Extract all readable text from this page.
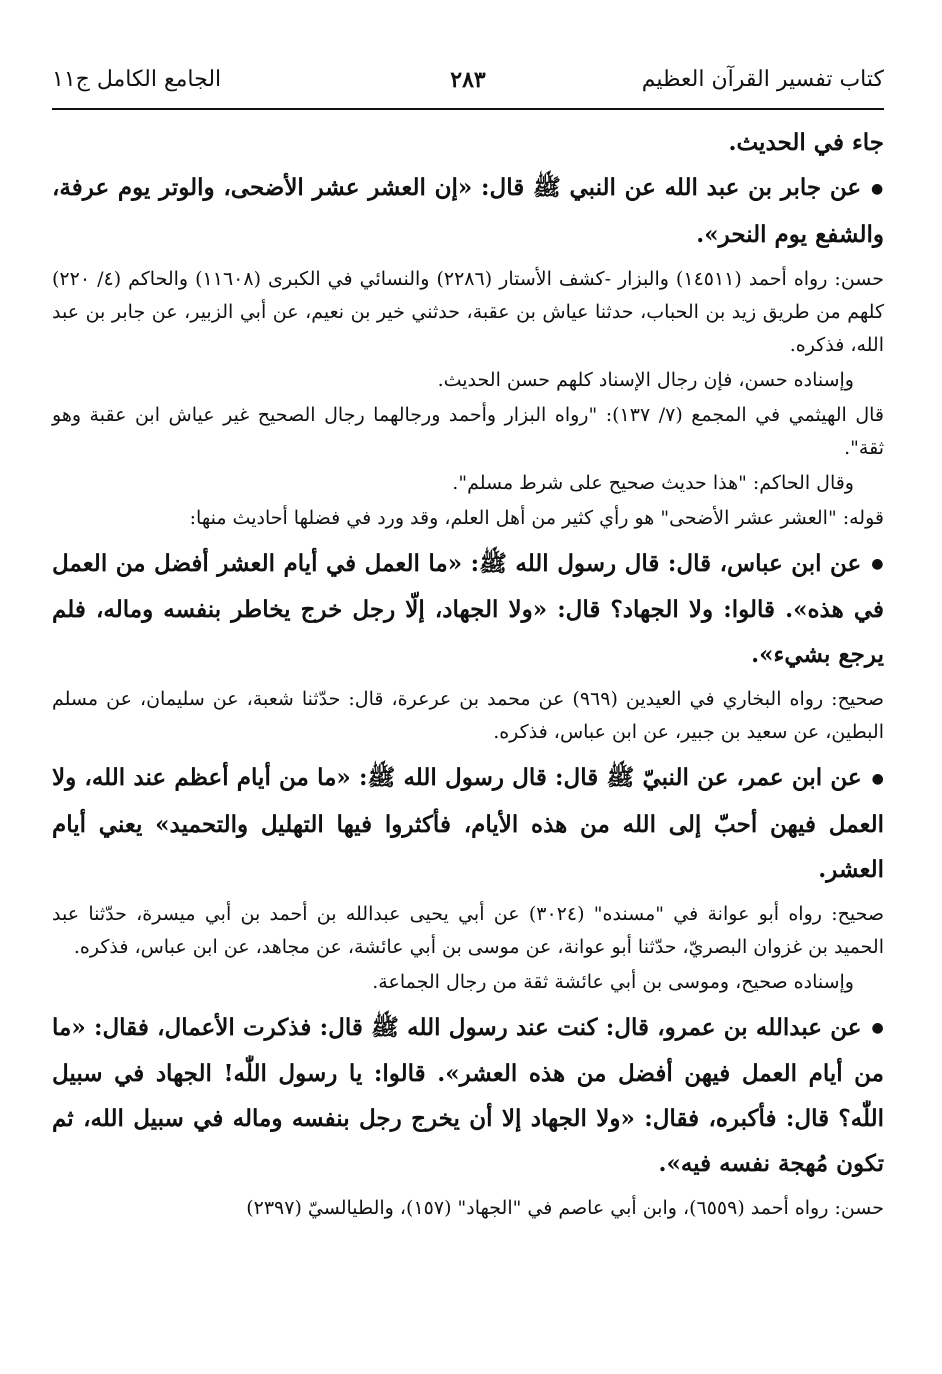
كتاب تفسير القرآن العظيم
٢٨٣
الجامع الكامل ج١١

جاء في الحديث.

●عن جابر بن عبد الله عن النبي ﷺ قال: «إن العشر عشر الأضحى، والوتر يوم عرفة، والشفع يوم النحر».

حسن: رواه أحمد (١٤٥١١) والبزار -كشف الأستار (٢٢٨٦) والنسائي في الكبرى (١١٦٠٨) والحاكم (٤/ ٢٢٠) كلهم من طريق زيد بن الحباب، حدثنا عياش بن عقبة، حدثني خير بن نعيم، عن أبي الزبير، عن جابر بن عبد الله، فذكره.

وإسناده حسن، فإن رجال الإسناد كلهم حسن الحديث.

قال الهيثمي في المجمع (٧/ ١٣٧): "رواه البزار وأحمد ورجالهما رجال الصحيح غير عياش ابن عقبة وهو ثقة".

وقال الحاكم: "هذا حديث صحيح على شرط مسلم".

قوله: "العشر عشر الأضحى" هو رأي كثير من أهل العلم، وقد ورد في فضلها أحاديث منها:

●عن ابن عباس، قال: قال رسول الله ﷺ: «ما العمل في أيام العشر أفضل من العمل في هذه». قالوا: ولا الجهاد؟ قال: «ولا الجهاد، إلّا رجل خرج يخاطر بنفسه وماله، فلم يرجع بشيء».

صحيح: رواه البخاري في العيدين (٩٦٩) عن محمد بن عرعرة، قال: حدّثنا شعبة، عن سليمان، عن مسلم البطين، عن سعيد بن جبير، عن ابن عباس، فذكره.

●عن ابن عمر، عن النبيّ ﷺ قال: قال رسول الله ﷺ: «ما من أيام أعظم عند الله، ولا العمل فيهن أحبّ إلى الله من هذه الأيام، فأكثروا فيها التهليل والتحميد» يعني أيام العشر.

صحيح: رواه أبو عوانة في "مسنده" (٣٠٢٤) عن أبي يحيى عبدالله بن أحمد بن أبي ميسرة، حدّثنا عبد الحميد بن غزوان البصريّ، حدّثنا أبو عوانة، عن موسى بن أبي عائشة، عن مجاهد، عن ابن عباس، فذكره.

وإسناده صحيح، وموسى بن أبي عائشة ثقة من رجال الجماعة.

●عن عبدالله بن عمرو، قال: كنت عند رسول الله ﷺ قال: فذكرت الأعمال، فقال: «ما من أيام العمل فيهن أفضل من هذه العشر». قالوا: يا رسول اللّٰه! الجهاد في سبيل اللّٰه؟ قال: فأكبره، فقال: «ولا الجهاد إلا أن يخرج رجل بنفسه وماله في سبيل الله، ثم تكون مُهجة نفسه فيه».

حسن: رواه أحمد (٦٥٥٩)، وابن أبي عاصم في "الجهاد" (١٥٧)، والطيالسيّ (٢٣٩٧)
